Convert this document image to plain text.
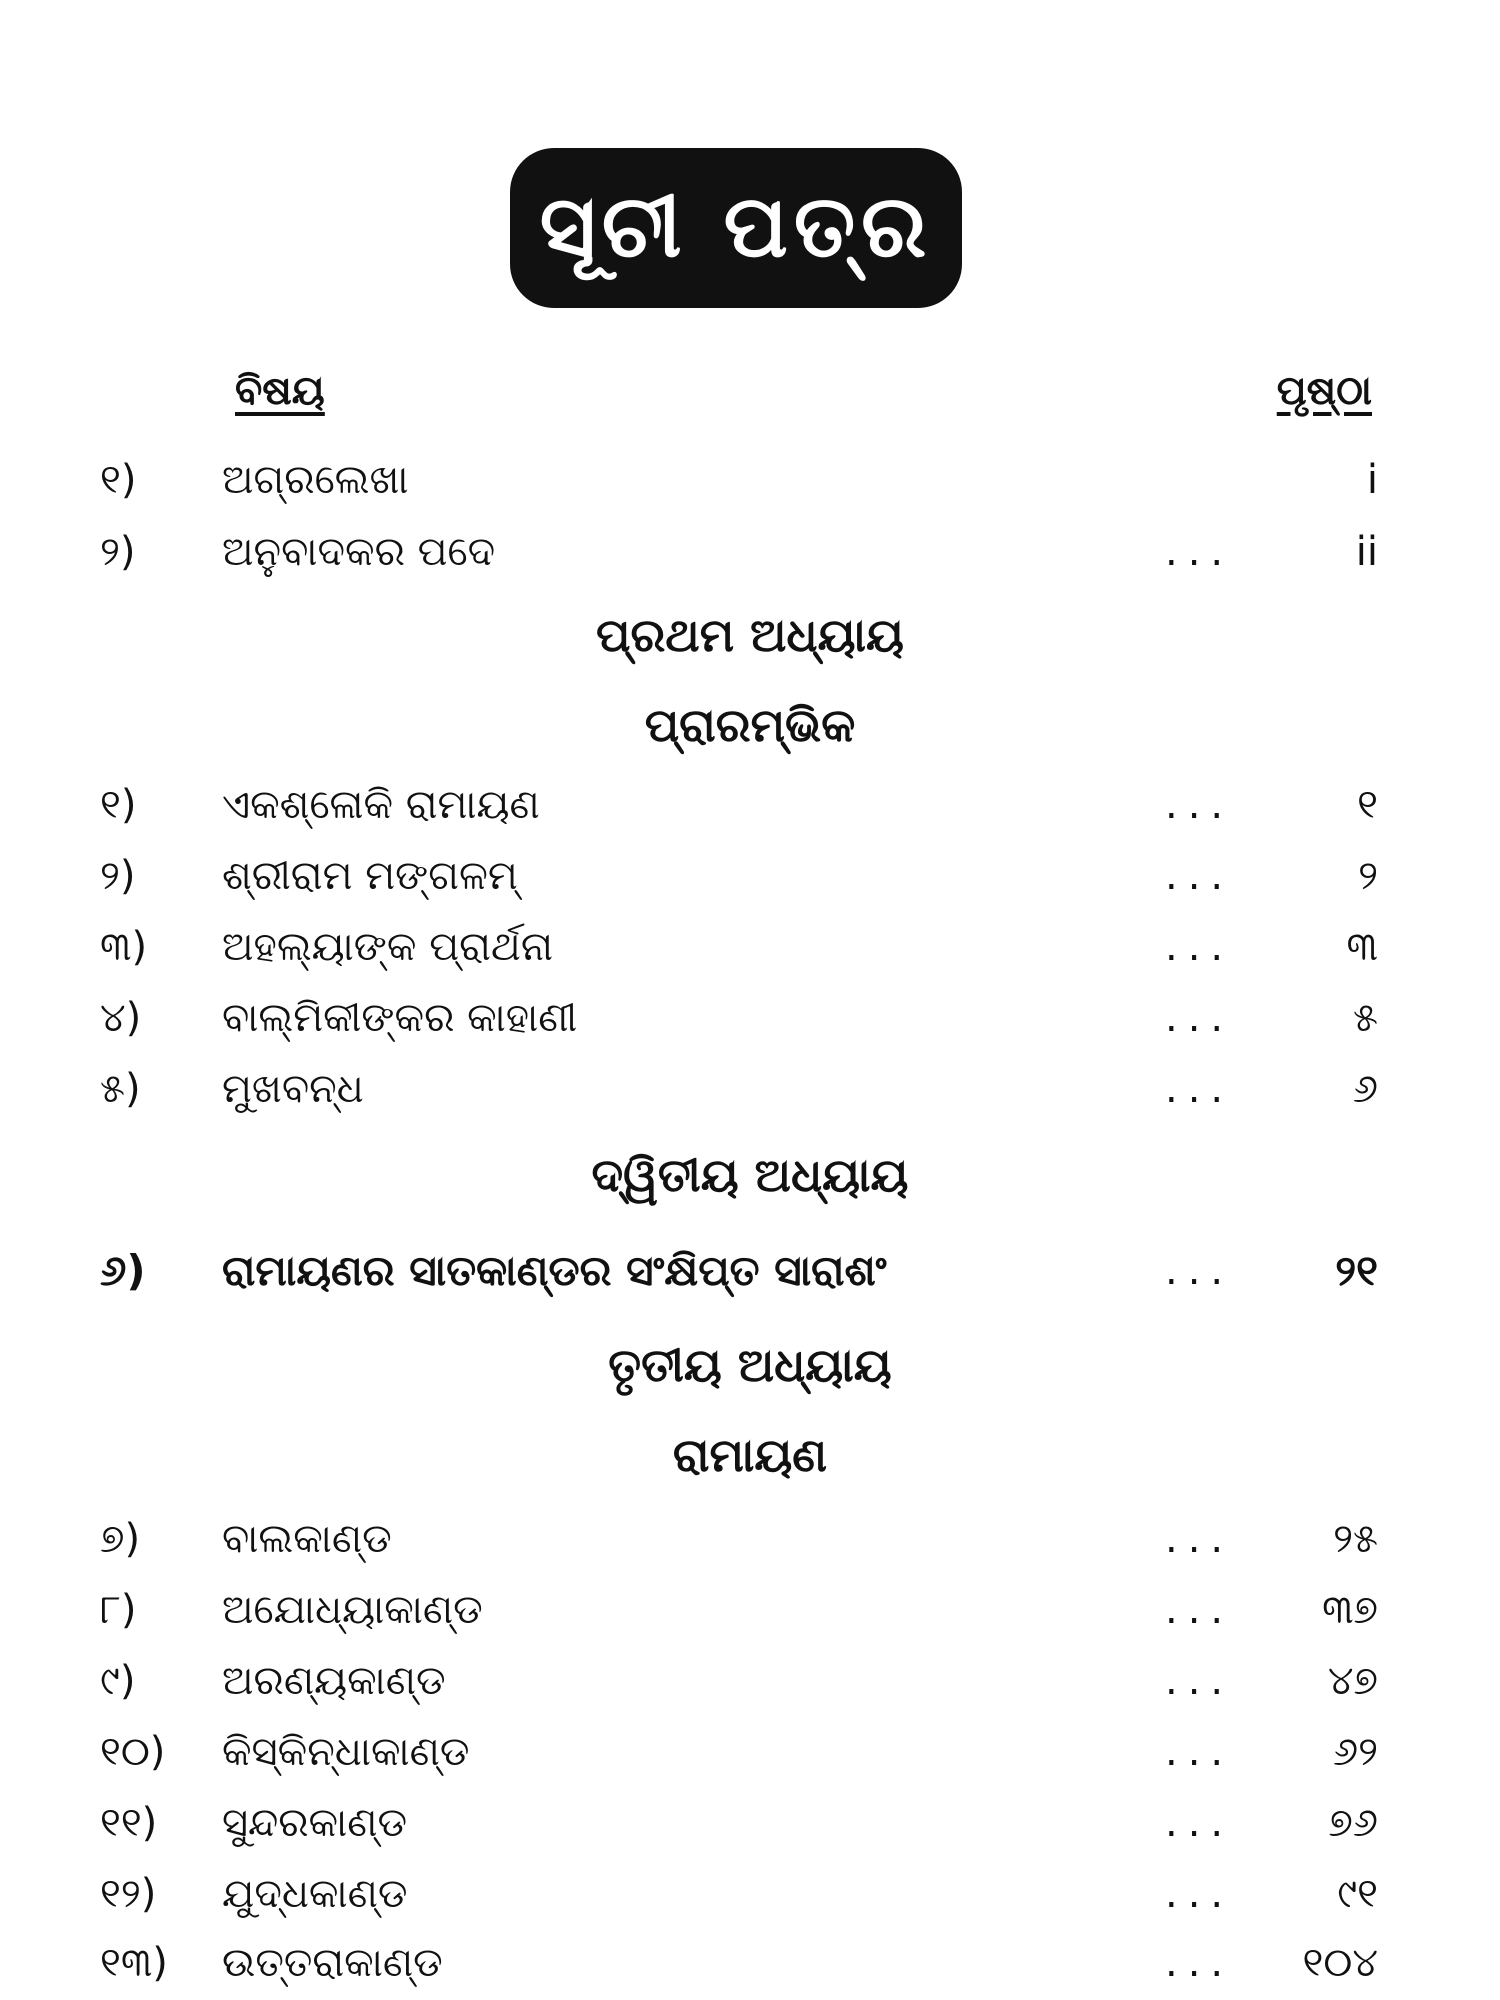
ସୂଚୀ ପତ୍ର
ବିଷୟ	ପୃଷ୍ଠା
୧)	ଅଗ୍ରଲେଖା	i
୨)	ଅନୁବାଦକର ପଦେ	...	ii
ପ୍ରଥମ ଅଧ୍ୟାୟ
ପ୍ରାରମ୍ଭିକ
୧)	ଏକଶ୍ଳୋକି ରାମାୟଣ	...	୧
୨)	ଶ୍ରୀରାମ ମଙ୍ଗଳମ୍	...	୨
୩)	ଅହଲ୍ୟାଙ୍କ ପ୍ରାର୍ଥନା	...	୩
୪)	ବାଲ୍ମିକୀଙ୍କର କାହାଣୀ	...	୫
୫)	ମୁଖବନ୍ଧ	...	୬
ଦ୍ୱିତୀୟ ଅଧ୍ୟାୟ
୬)	ରାମାୟଣର ସାତକାଣ୍ଡର ସଂକ୍ଷିପ୍ତ ସାରାଶଂ	... ୨୧
ତୃତୀୟ ଅଧ୍ୟାୟ
ରାମାୟଣ
୭)	ବାଲକାଣ୍ଡ	... ୨୫
୮)	ଅଯୋଧ୍ୟାକାଣ୍ଡ	... ୩୭
୯)	ଅରଣ୍ୟକାଣ୍ଡ	... ୪୭
୧୦)	କିସ୍କିନ୍ଧାକାଣ୍ଡ	... ୬୨
୧୧)	ସୁନ୍ଦରକାଣ୍ଡ	... ୭୬
୧୨)	ଯୁଦ୍ଧକାଣ୍ଡ	...	୯୧
୧୩)	ଉତ୍ତରାକାଣ୍ଡ	... ୧୦୪
